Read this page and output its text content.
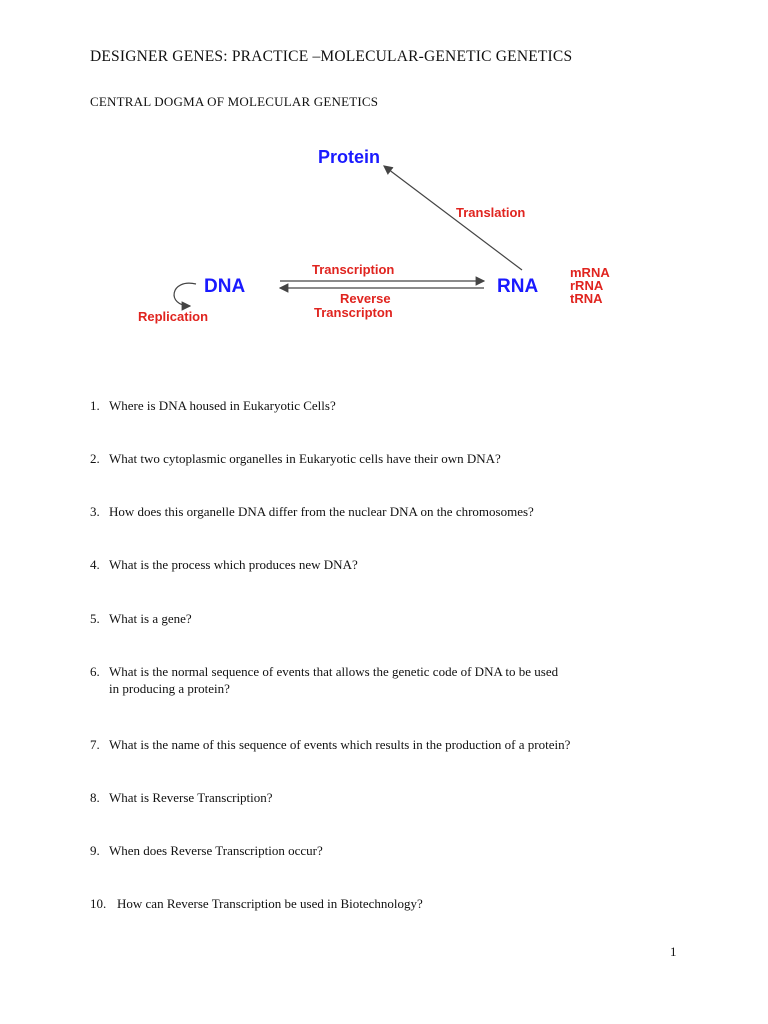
DESIGNER GENES: PRACTICE –MOLECULAR-GENETIC GENETICS
CENTRAL DOGMA OF MOLECULAR GENETICS
Protein
Translation
DNA	RNA
Transcription
Reverse
Transcripton
mRNA
rRNA
tRNA
Replication
1. Where is DNA housed in Eukaryotic Cells?
2. What two cytoplasmic organelles in Eukaryotic cells have their own DNA?
3. How does this organelle DNA differ from the nuclear DNA on the chromosomes?
4. What is the process which produces new DNA?
5. What is a gene?
6. What is the normal sequence of events that allows the genetic code of DNA to be used
in producing a protein?
7. What is the name of this sequence of events which results in the production of a protein?
8. What is Reverse Transcription?
9. When does Reverse Transcription occur?
10. How can Reverse Transcription be used in Biotechnology?
1
